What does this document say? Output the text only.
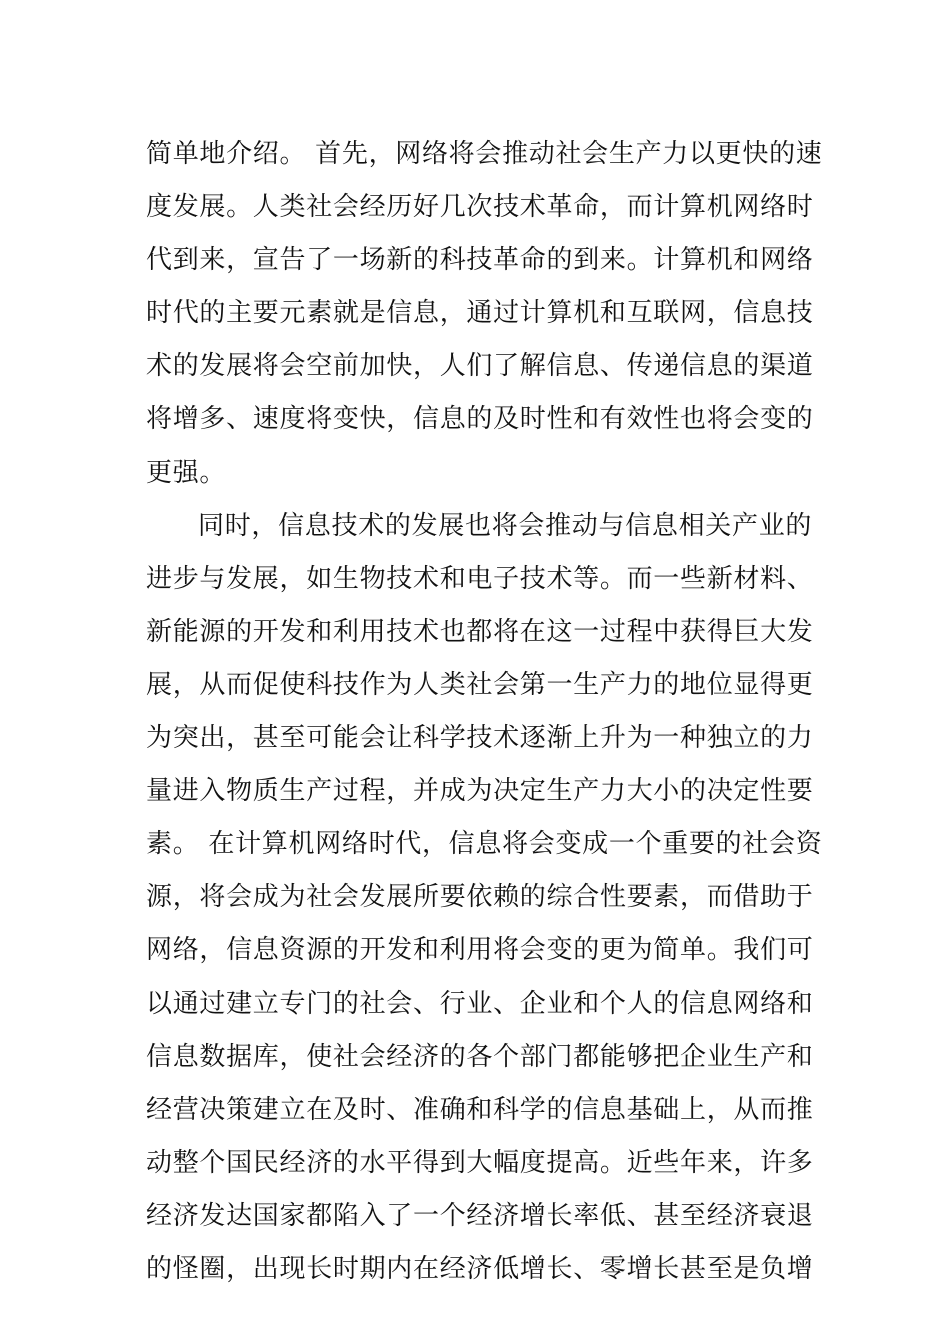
简单地介绍。 首先，网络将会推动社会生产力以更快的速
度发展。人类社会经历好几次技术革命，而计算机网络时
代到来，宣告了一场新的科技革命的到来。计算机和网络
时代的主要元素就是信息，通过计算机和互联网，信息技
术的发展将会空前加快，人们了解信息、传递信息的渠道
将增多、速度将变快，信息的及时性和有效性也将会变的
更强。
同时，信息技术的发展也将会推动与信息相关产业的
进步与发展，如生物技术和电子技术等。而一些新材料、
新能源的开发和利用技术也都将在这一过程中获得巨大发
展，从而促使科技作为人类社会第一生产力的地位显得更
为突出，甚至可能会让科学技术逐渐上升为一种独立的力
量进入物质生产过程，并成为决定生产力大小的决定性要
素。 在计算机网络时代，信息将会变成一个重要的社会资
源，将会成为社会发展所要依赖的综合性要素，而借助于
网络，信息资源的开发和利用将会变的更为简单。我们可
以通过建立专门的社会、行业、企业和个人的信息网络和
信息数据库，使社会经济的各个部门都能够把企业生产和
经营决策建立在及时、准确和科学的信息基础上，从而推
动整个国民经济的水平得到大幅度提高。近些年来，许多
经济发达国家都陷入了一个经济增长率低、甚至经济衰退
的怪圈，出现长时期内在经济低增长、零增长甚至是负增
